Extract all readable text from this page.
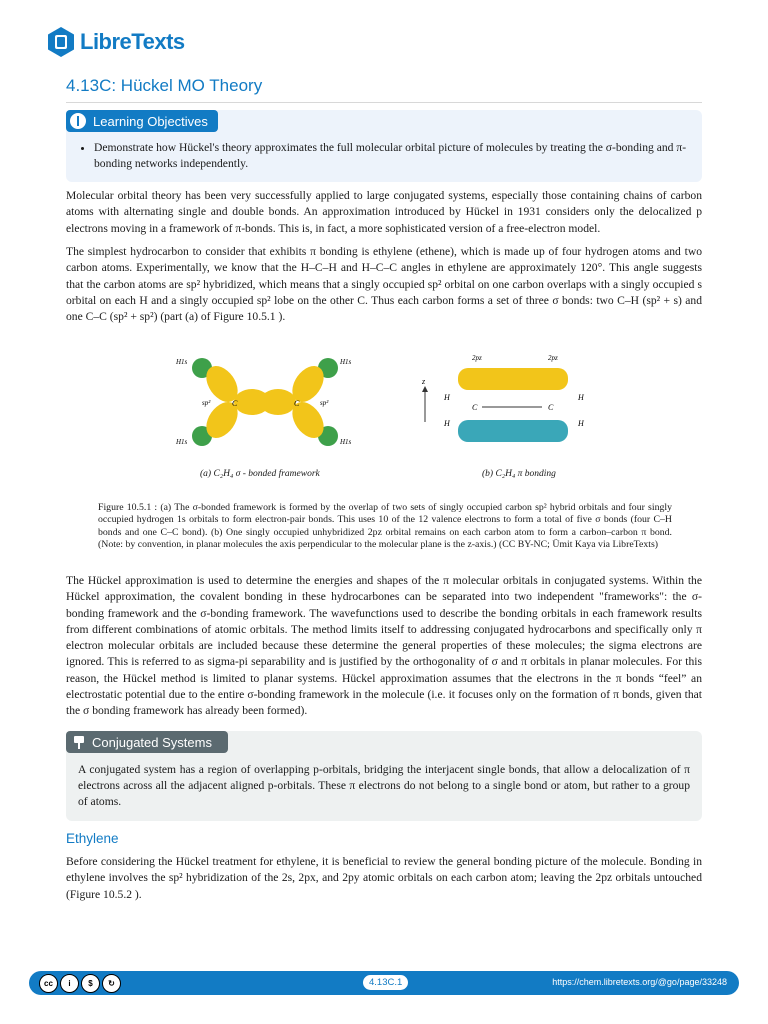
LibreTexts
4.13C: Hückel MO Theory
Learning Objectives
• Demonstrate how Hückel's theory approximates the full molecular orbital picture of molecules by treating the σ-bonding and π-bonding networks independently.

Molecular orbital theory has been very successfully applied to large conjugated systems, especially those containing chains of carbon atoms with alternating single and double bonds. An approximation introduced by Hückel in 1931 considers only the delocalized p electrons moving in a framework of π-bonds. This is, in fact, a more sophisticated version of a free-electron model.

The simplest hydrocarbon to consider that exhibits π bonding is ethylene (ethene), which is made up of four hydrogen atoms and two carbon atoms. Experimentally, we know that the H–C–H and H–C–C angles in ethylene are approximately 120°. This angle suggests that the carbon atoms are sp² hybridized, which means that a singly occupied sp² orbital on one carbon overlaps with a singly occupied s orbital on each H and a singly occupied sp² lobe on the other C. Thus each carbon forms a set of three σ bonds: two C–H (sp² + s) and one C–C (sp² + sp²) (part (a) of Figure 10.5.1 ).

C	C
sp²	sp²
H1s
H1s
H1s
H1s
z
C	C
H
H
H
H
2pz	2pz
(a) C₂H₄ σ - bonded framework	(b) C₂H₄ π bonding

Figure 10.5.1 : (a) The σ-bonded framework is formed by the overlap of two sets of singly occupied carbon sp² hybrid orbitals and four singly occupied hydrogen 1s orbitals to form electron-pair bonds. This uses 10 of the 12 valence electrons to form a total of five σ bonds (four C–H bonds and one C–C bond). (b) One singly occupied unhybridized 2pz orbital remains on each carbon atom to form a carbon–carbon π bond. (Note: by convention, in planar molecules the axis perpendicular to the molecular plane is the z-axis.) (CC BY-NC; Ümit Kaya via LibreTexts)

The Hückel approximation is used to determine the energies and shapes of the π molecular orbitals in conjugated systems. Within the Hückel approximation, the covalent bonding in these hydrocarbones can be separated into two independent "frameworks": the σ-bonding framework and the σ-bonding framework. The wavefunctions used to describe the bonding orbitals in each framework results from different combinations of atomic orbitals. The method limits itself to addressing conjugated hydrocarbons and specifically only π electron molecular orbitals are included because these determine the general properties of these molecules; the sigma electrons are ignored. This is referred to as sigma-pi separability and is justified by the orthogonality of σ and π orbitals in planar molecules. For this reason, the Hückel method is limited to planar systems. Hückel approximation assumes that the electrons in the π bonds “feel” an electrostatic potential due to the entire σ-bonding framework in the molecule (i.e. it focuses only on the formation of π bonds, given that the σ bonding framework has already been formed).

Conjugated Systems

A conjugated system has a region of overlapping p-orbitals, bridging the interjacent single bonds, that allow a delocalization of π electrons across all the adjacent aligned p-orbitals. These π electrons do not belong to a single bond or atom, but rather to a group of atoms.

Ethylene

Before considering the Hückel treatment for ethylene, it is beneficial to review the general bonding picture of the molecule. Bonding in ethylene involves the sp² hybridization of the 2s, 2px, and 2py atomic orbitals on each carbon atom; leaving the 2pz orbitals untouched (Figure 10.5.2 ).

cc	i	$	↻	4.13C.1	https://chem.libretexts.org/@go/page/33248
